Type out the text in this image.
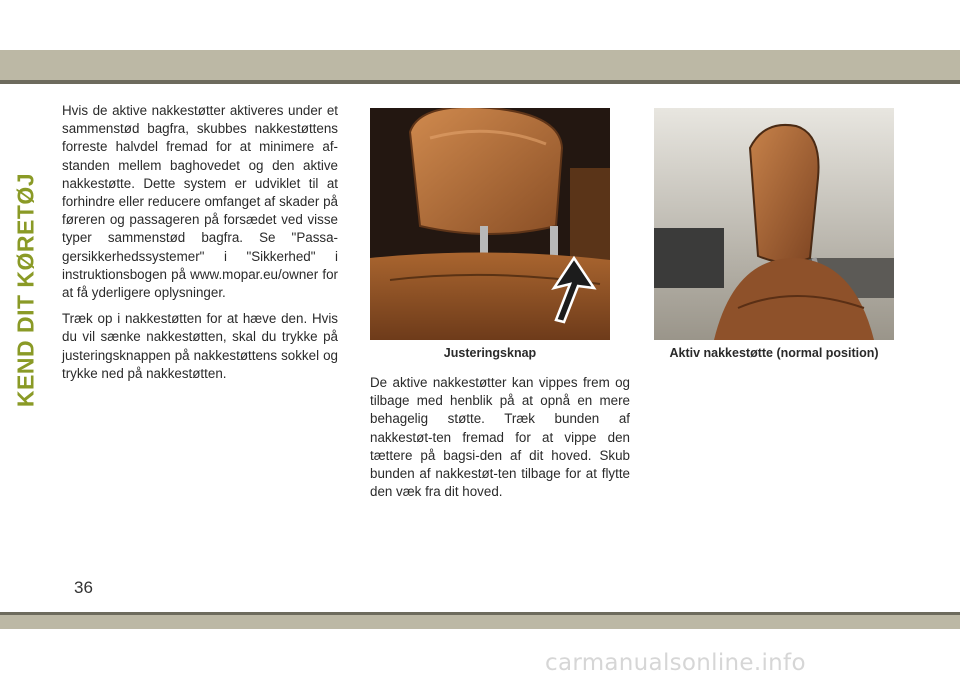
KEND DIT KØRETØJ

Hvis de aktive nakkestøtter aktiveres under et sammenstød bagfra, skubbes nakkestøttens forreste halvdel fremad for at minimere af-standen mellem baghovedet og den aktive nakkestøtte. Dette system er udviklet til at forhindre eller reducere omfanget af skader på føreren og passageren på forsædet ved visse typer sammenstød bagfra. Se "Passa-gersikkerhedssystemer" i "Sikkerhed" i instruktionsbogen på www.mopar.eu/owner for at få yderligere oplysninger.

Træk op i nakkestøtten for at hæve den. Hvis du vil sænke nakkestøtten, skal du trykke på justeringsknappen på nakkestøttens sokkel og trykke ned på nakkestøtten.

Justeringsknap	Aktiv nakkestøtte (normal position)

De aktive nakkestøtter kan vippes frem og tilbage med henblik på at opnå en mere behagelig støtte. Træk bunden af nakkestøt-ten fremad for at vippe den tættere på bagsi-den af dit hoved. Skub bunden af nakkestøt-ten tilbage for at flytte den væk fra dit hoved.

36
carmanualsonline.info
